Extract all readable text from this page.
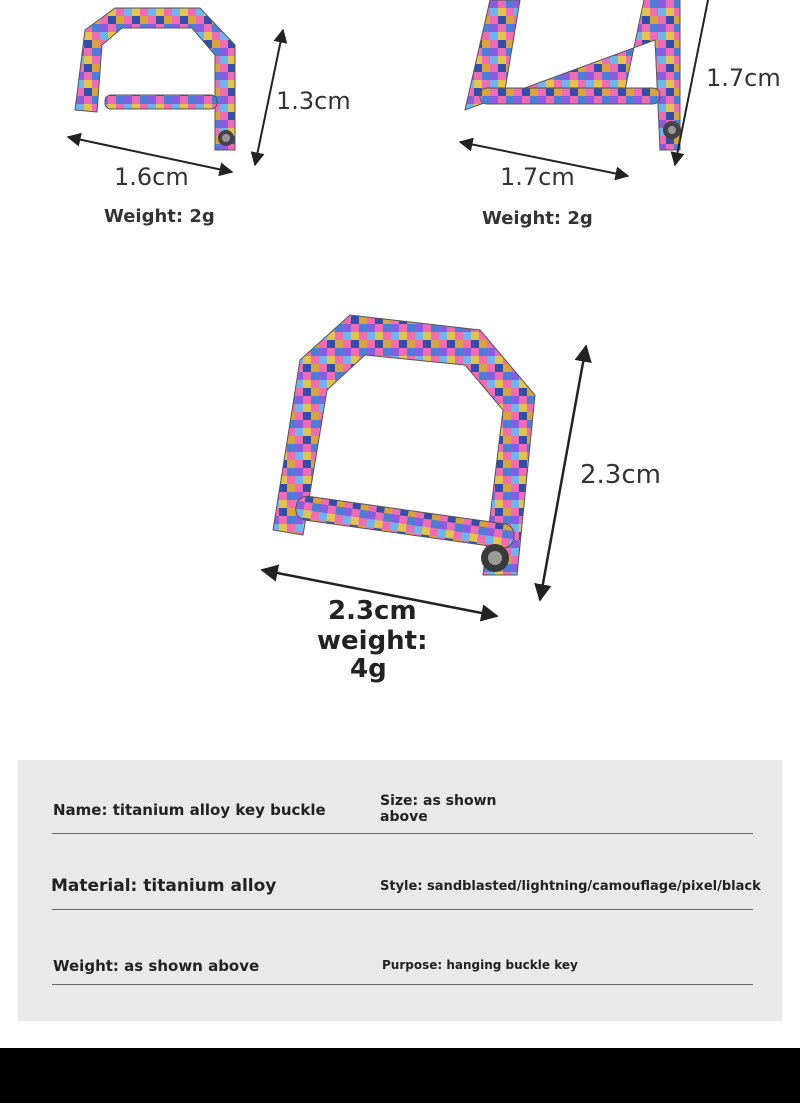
1.6cm
1.3cm
Weight: 2g
1.7cm
1.7cm
Weight: 2g
2.3cm
2.3cm
weight:
4g
Name: titanium alloy key buckle	Size: as shown
above
Material: titanium alloy	Style: sandblasted/lightning/camouflage/pixel/black
Weight: as shown above	Purpose: hanging buckle key
